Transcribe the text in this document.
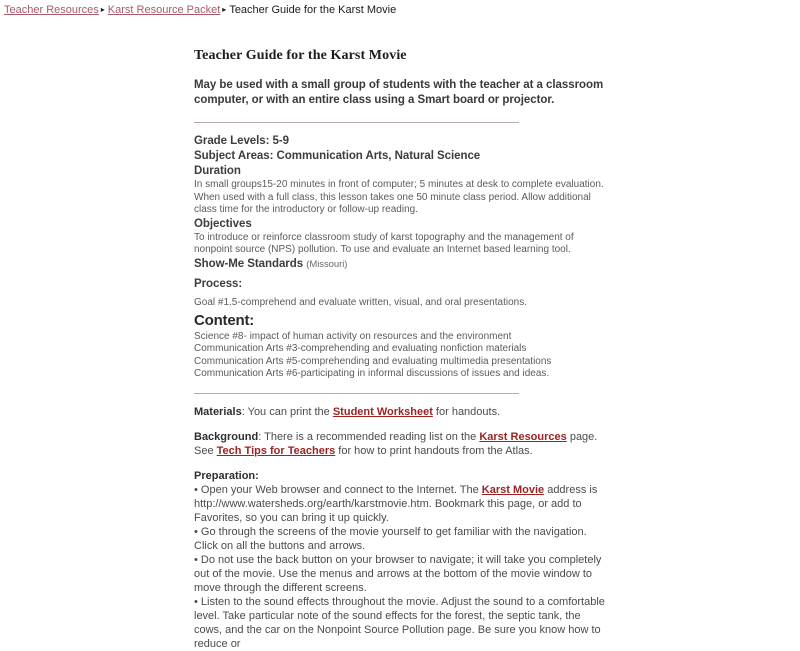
Teacher Resources ▸ Karst Resource Packet ▸ Teacher Guide for the Karst Movie
Teacher Guide for the Karst Movie

May be used with a small group of students with the teacher at a classroom computer, or with an entire class using a Smart board or projector.

Grade Levels: 5-9
Subject Areas: Communication Arts, Natural Science
Duration

In small groups15-20 minutes in front of computer; 5 minutes at desk to complete evaluation. When used with a full class, this lesson takes one 50 minute class period. Allow additional class time for the introductory or follow-up reading.

Objectives

To introduce or reinforce classroom study of karst topography and the management of nonpoint source (NPS) pollution. To use and evaluate an Internet based learning tool.

Show-Me Standards (Missouri)
Process:

Goal #1.5-comprehend and evaluate written, visual, and oral presentations.

Content:

Science #8- impact of human activity on resources and the environment

Communication Arts #3-comprehending and evaluating nonfiction materials

Communication Arts #5-comprehending and evaluating multimedia presentations

Communication Arts #6-participating in informal discussions of issues and ideas.

Materials: You can print the Student Worksheet for handouts.

Background: There is a recommended reading list on the Karst Resources page. See Tech Tips for Teachers for how to print handouts from the Atlas.

Preparation:

• Open your Web browser and connect to the Internet. The Karst Movie address is http://www.watersheds.org/earth/karstmovie.htm. Bookmark this page, or add to Favorites, so you can bring it up quickly.

• Go through the screens of the movie yourself to get familiar with the navigation. Click on all the buttons and arrows.

• Do not use the back button on your browser to navigate; it will take you completely out of the movie. Use the menus and arrows at the bottom of the movie window to move through the different screens.

• Listen to the sound effects throughout the movie. Adjust the sound to a comfortable level. Take particular note of the sound effects for the forest, the septic tank, the cows, and the car on the Nonpoint Source Pollution page. Be sure you know how to reduce or
